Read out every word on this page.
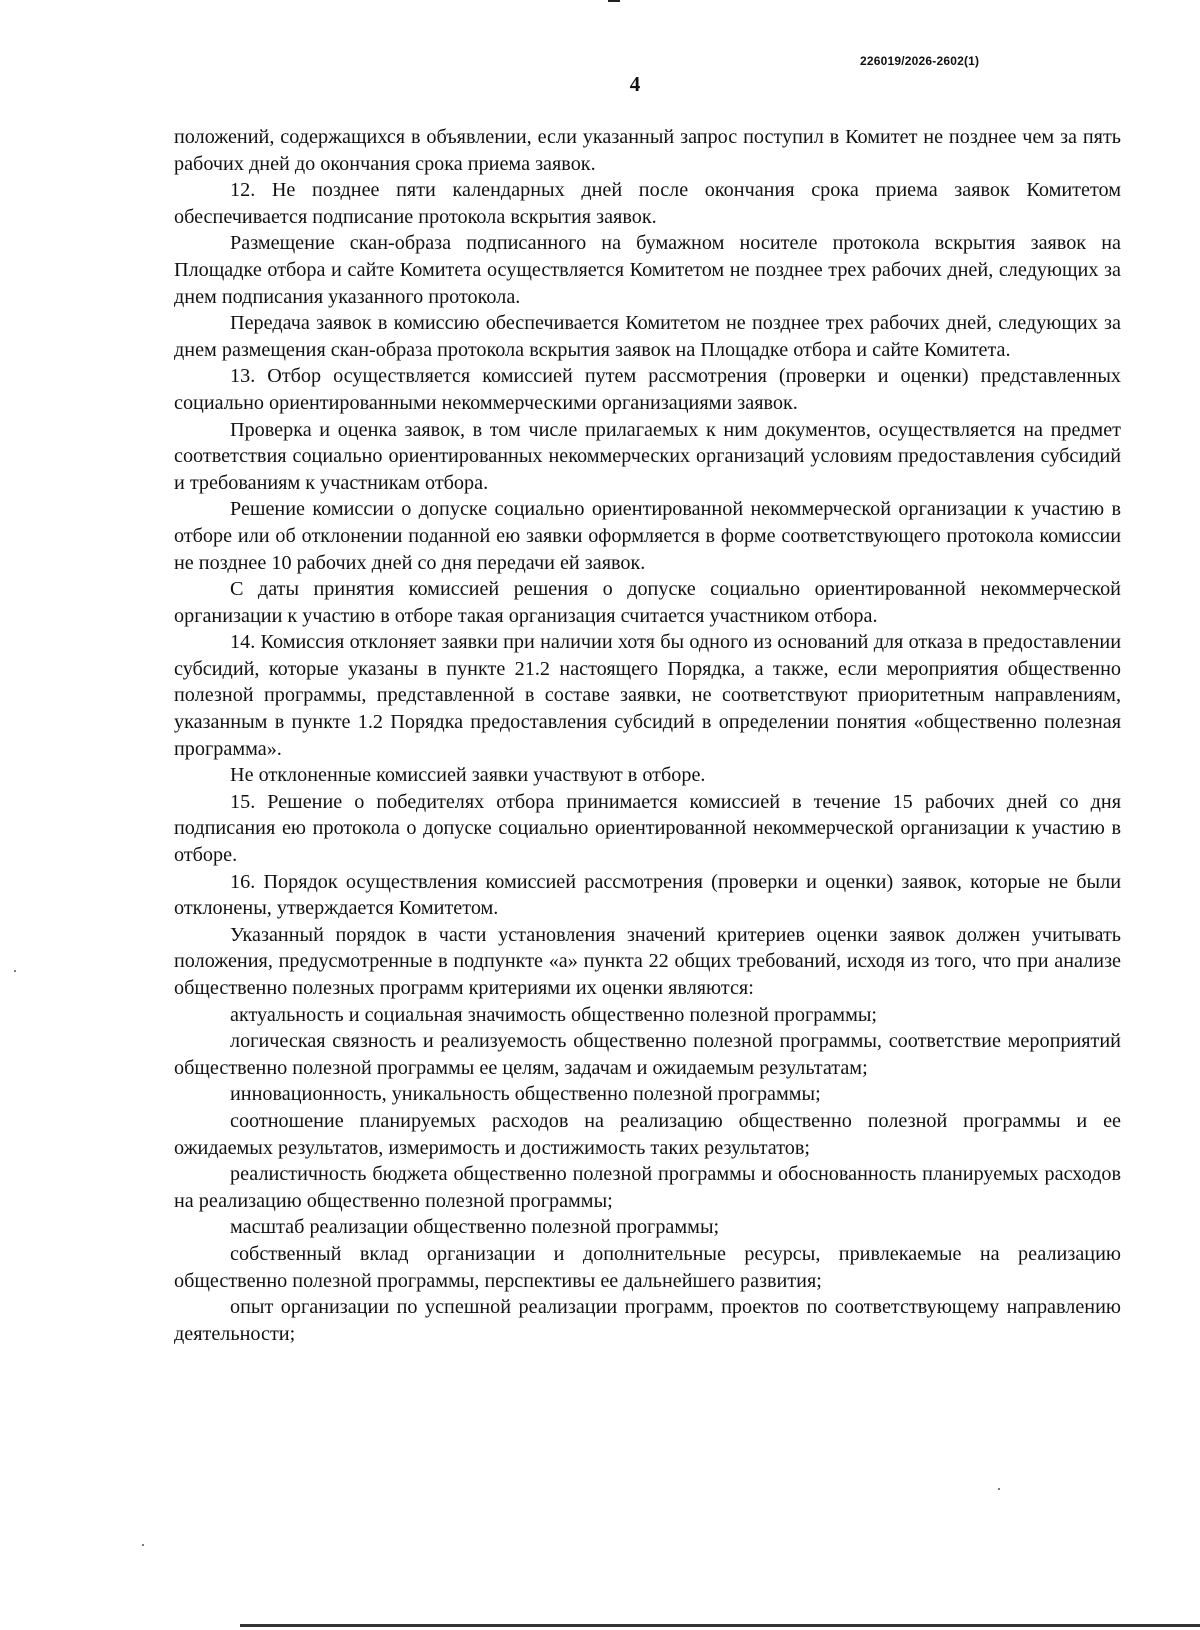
226019/2026-2602(1)
4

положений, содержащихся в объявлении, если указанный запрос поступил в Комитет не позднее чем за пять рабочих дней до окончания срока приема заявок.

12. Не позднее пяти календарных дней после окончания срока приема заявок Комитетом обеспечивается подписание протокола вскрытия заявок.

Размещение скан-образа подписанного на бумажном носителе протокола вскрытия заявок на Площадке отбора и сайте Комитета осуществляется Комитетом не позднее трех рабочих дней, следующих за днем подписания указанного протокола.

Передача заявок в комиссию обеспечивается Комитетом не позднее трех рабочих дней, следующих за днем размещения скан-образа протокола вскрытия заявок на Площадке отбора и сайте Комитета.

13. Отбор осуществляется комиссией путем рассмотрения (проверки и оценки) представленных социально ориентированными некоммерческими организациями заявок.

Проверка и оценка заявок, в том числе прилагаемых к ним документов, осуществляется на предмет соответствия социально ориентированных некоммерческих организаций условиям предоставления субсидий и требованиям к участникам отбора.

Решение комиссии о допуске социально ориентированной некоммерческой организации к участию в отборе или об отклонении поданной ею заявки оформляется в форме соответствующего протокола комиссии не позднее 10 рабочих дней со дня передачи ей заявок.

С даты принятия комиссией решения о допуске социально ориентированной некоммерческой организации к участию в отборе такая организация считается участником отбора.

14. Комиссия отклоняет заявки при наличии хотя бы одного из оснований для отказа в предоставлении субсидий, которые указаны в пункте 21.2 настоящего Порядка, а также, если мероприятия общественно полезной программы, представленной в составе заявки, не соответствуют приоритетным направлениям, указанным в пункте 1.2 Порядка предоставления субсидий в определении понятия «общественно полезная программа».

Не отклоненные комиссией заявки участвуют в отборе.

15. Решение о победителях отбора принимается комиссией в течение 15 рабочих дней со дня подписания ею протокола о допуске социально ориентированной некоммерческой организации к участию в отборе.

16. Порядок осуществления комиссией рассмотрения (проверки и оценки) заявок, которые не были отклонены, утверждается Комитетом.

Указанный порядок в части установления значений критериев оценки заявок должен учитывать положения, предусмотренные в подпункте «а» пункта 22 общих требований, исходя из того, что при анализе общественно полезных программ критериями их оценки являются:

актуальность и социальная значимость общественно полезной программы;

логическая связность и реализуемость общественно полезной программы, соответствие мероприятий общественно полезной программы ее целям, задачам и ожидаемым результатам;

инновационность, уникальность общественно полезной программы;

соотношение планируемых расходов на реализацию общественно полезной программы и ее ожидаемых результатов, измеримость и достижимость таких результатов;

реалистичность бюджета общественно полезной программы и обоснованность планируемых расходов на реализацию общественно полезной программы;

масштаб реализации общественно полезной программы;

собственный вклад организации и дополнительные ресурсы, привлекаемые на реализацию общественно полезной программы, перспективы ее дальнейшего развития;

опыт организации по успешной реализации программ, проектов по соответствующему направлению деятельности;
